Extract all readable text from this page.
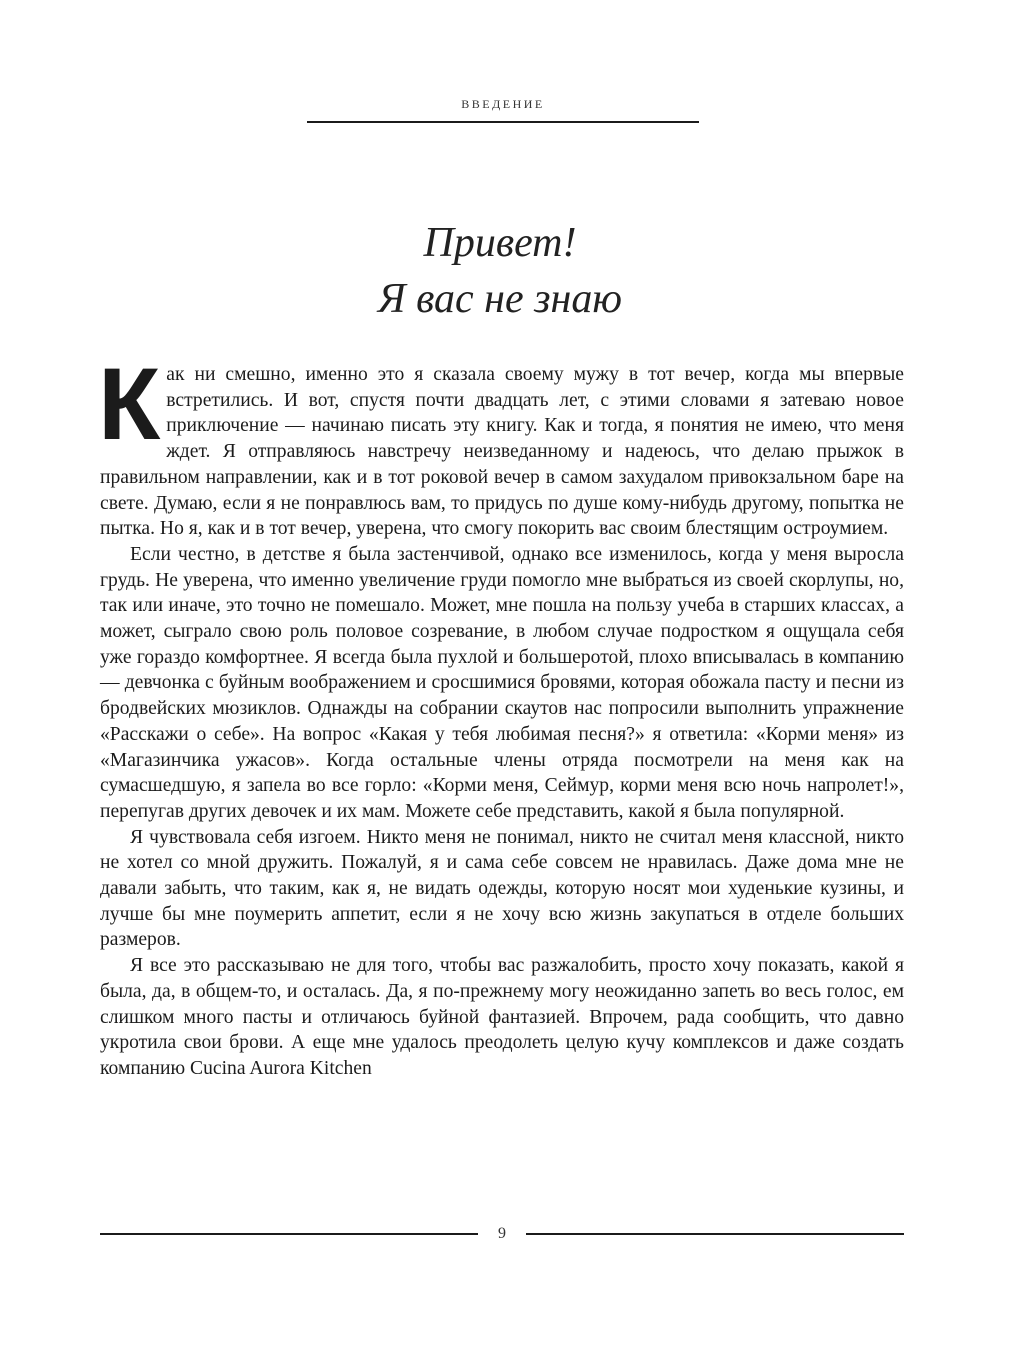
ВВЕДЕНИЕ
Привет!
Я вас не знаю

Как ни смешно, именно это я сказала своему мужу в тот вечер, когда мы впервые встретились. И вот, спустя почти двадцать лет, с этими словами я затеваю новое приключение — начинаю писать эту книгу. Как и тогда, я понятия не имею, что меня ждет. Я отправляюсь навстречу неизведанному и надеюсь, что делаю прыжок в правильном направлении, как и в тот роковой вечер в самом захудалом привокзальном баре на свете. Думаю, если я не понравлюсь вам, то придусь по душе кому-нибудь другому, попытка не пытка. Но я, как и в тот вечер, уверена, что смогу покорить вас своим блестящим остроумием.

Если честно, в детстве я была застенчивой, однако все изменилось, когда у меня выросла грудь. Не уверена, что именно увеличение груди помогло мне выбраться из своей скорлупы, но, так или иначе, это точно не помешало. Может, мне пошла на пользу учеба в старших классах, а может, сыграло свою роль половое созревание, в любом случае подростком я ощущала себя уже гораздо комфортнее. Я всегда была пухлой и большеротой, плохо вписывалась в компанию — девчонка с буйным воображением и сросшимися бровями, которая обожала пасту и песни из бродвейских мюзиклов. Однажды на собрании скаутов нас попросили выполнить упражнение «Расскажи о себе». На вопрос «Какая у тебя любимая песня?» я ответила: «Корми меня» из «Магазинчика ужасов». Когда остальные члены отряда посмотрели на меня как на сумасшедшую, я запела во все горло: «Корми меня, Сеймур, корми меня всю ночь напролет!», перепугав других девочек и их мам. Можете себе представить, какой я была популярной.

Я чувствовала себя изгоем. Никто меня не понимал, никто не считал меня классной, никто не хотел со мной дружить. Пожалуй, я и сама себе совсем не нравилась. Даже дома мне не давали забыть, что таким, как я, не видать одежды, которую носят мои худенькие кузины, и лучше бы мне поумерить аппетит, если я не хочу всю жизнь закупаться в отделе больших размеров.

Я все это рассказываю не для того, чтобы вас разжалобить, просто хочу показать, какой я была, да, в общем-то, и осталась. Да, я по-прежнему могу неожиданно запеть во весь голос, ем слишком много пасты и отличаюсь буйной фантазией. Впрочем, рада сообщить, что давно укротила свои брови. А еще мне удалось преодолеть целую кучу комплексов и даже создать компанию Cucina Aurora Kitchen

9
